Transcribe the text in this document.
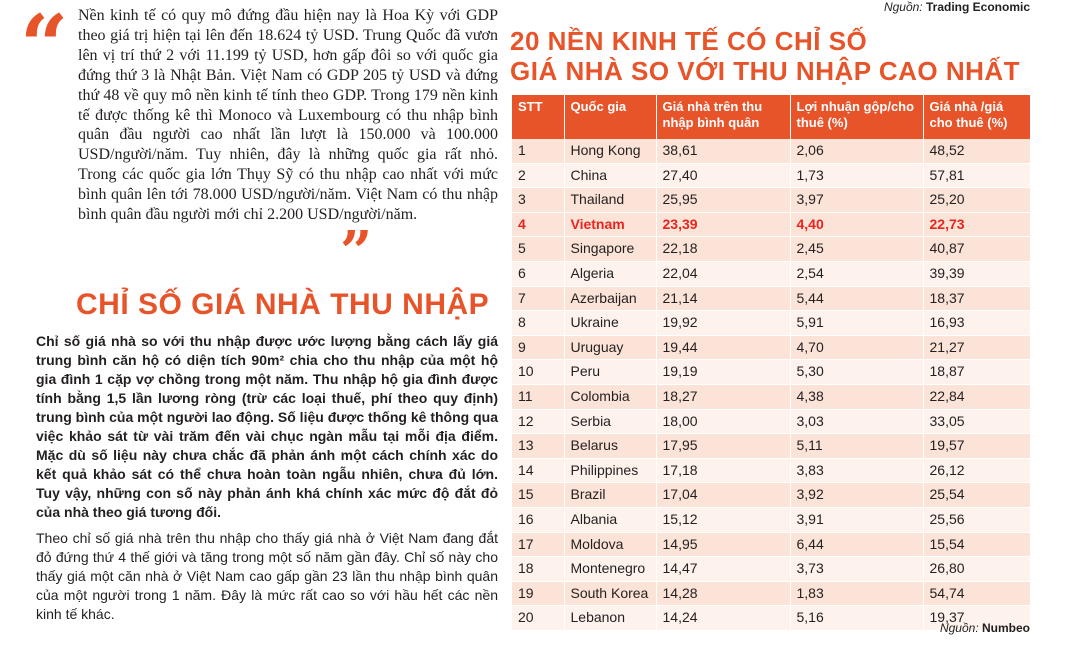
“ Nền kinh tế có quy mô đứng đầu hiện nay là Hoa Kỳ với GDP theo giá trị hiện tại lên đến 18.624 tỷ USD. Trung Quốc đã vươn lên vị trí thứ 2 với 11.199 tỷ USD, hơn gấp đôi so với quốc gia đứng thứ 3 là Nhật Bản. Việt Nam có GDP 205 tỷ USD và đứng thứ 48 về quy mô nền kinh tế tính theo GDP. Trong 179 nền kinh tế được thống kê thì Monoco và Luxembourg có thu nhập bình quân đầu người cao nhất lần lượt là 150.000 và 100.000 USD/người/năm. Tuy nhiên, đây là những quốc gia rất nhỏ. Trong các quốc gia lớn Thụy Sỹ có thu nhập cao nhất với mức bình quân lên tới 78.000 USD/người/năm. Việt Nam có thu nhập bình quân đầu người mới chỉ 2.200 USD/người/năm.

”
CHỈ SỐ GIÁ NHÀ THU NHẬP

Chỉ số giá nhà so với thu nhập được ước lượng bằng cách lấy giá trung bình căn hộ có diện tích 90m² chia cho thu nhập của một hộ gia đình 1 cặp vợ chồng trong một năm. Thu nhập hộ gia đình được tính bằng 1,5 lần lương ròng (trừ các loại thuế, phí theo quy định) trung bình của một người lao động. Số liệu được thống kê thông qua việc khảo sát từ vài trăm đến vài chục ngàn mẫu tại mỗi địa điểm. Mặc dù số liệu này chưa chắc đã phản ánh một cách chính xác do kết quả khảo sát có thể chưa hoàn toàn ngẫu nhiên, chưa đủ lớn. Tuy vậy, những con số này phản ánh khá chính xác mức độ đắt đỏ của nhà theo giá tương đối.

Theo chỉ số giá nhà trên thu nhập cho thấy giá nhà ở Việt Nam đang đắt đỏ đứng thứ 4 thế giới và tăng trong một số năm gần đây. Chỉ số này cho thấy giá một căn nhà ở Việt Nam cao gấp gần 23 lần thu nhập bình quân của một người trong 1 năm. Đây là mức rất cao so với hầu hết các nền kinh tế khác.

Nguồn: Trading Economic
20 NỀN KINH TẾ CÓ CHỈ SỐ
GIÁ NHÀ SO VỚI THU NHẬP CAO NHẤT
STT	Quốc gia	Giá nhà trên thu nhập bình quân	Lợi nhuận gộp/cho thuê (%)	Giá nhà /giá cho thuê (%)
1	Hong Kong	38,61	2,06	48,52
2	China	27,40	1,73	57,81
3	Thailand	25,95	3,97	25,20
4	Vietnam	23,39	4,40	22,73
5	Singapore	22,18	2,45	40,87
6	Algeria	22,04	2,54	39,39
7	Azerbaijan	21,14	5,44	18,37
8	Ukraine	19,92	5,91	16,93
9	Uruguay	19,44	4,70	21,27
10	Peru	19,19	5,30	18,87
11	Colombia	18,27	4,38	22,84
12	Serbia	18,00	3,03	33,05
13	Belarus	17,95	5,11	19,57
14	Philippines	17,18	3,83	26,12
15	Brazil	17,04	3,92	25,54
16	Albania	15,12	3,91	25,56
17	Moldova	14,95	6,44	15,54
18	Montenegro	14,47	3,73	26,80
19	South Korea	14,28	1,83	54,74
20	Lebanon	14,24	5,16	19,37
Nguồn: Numbeo
